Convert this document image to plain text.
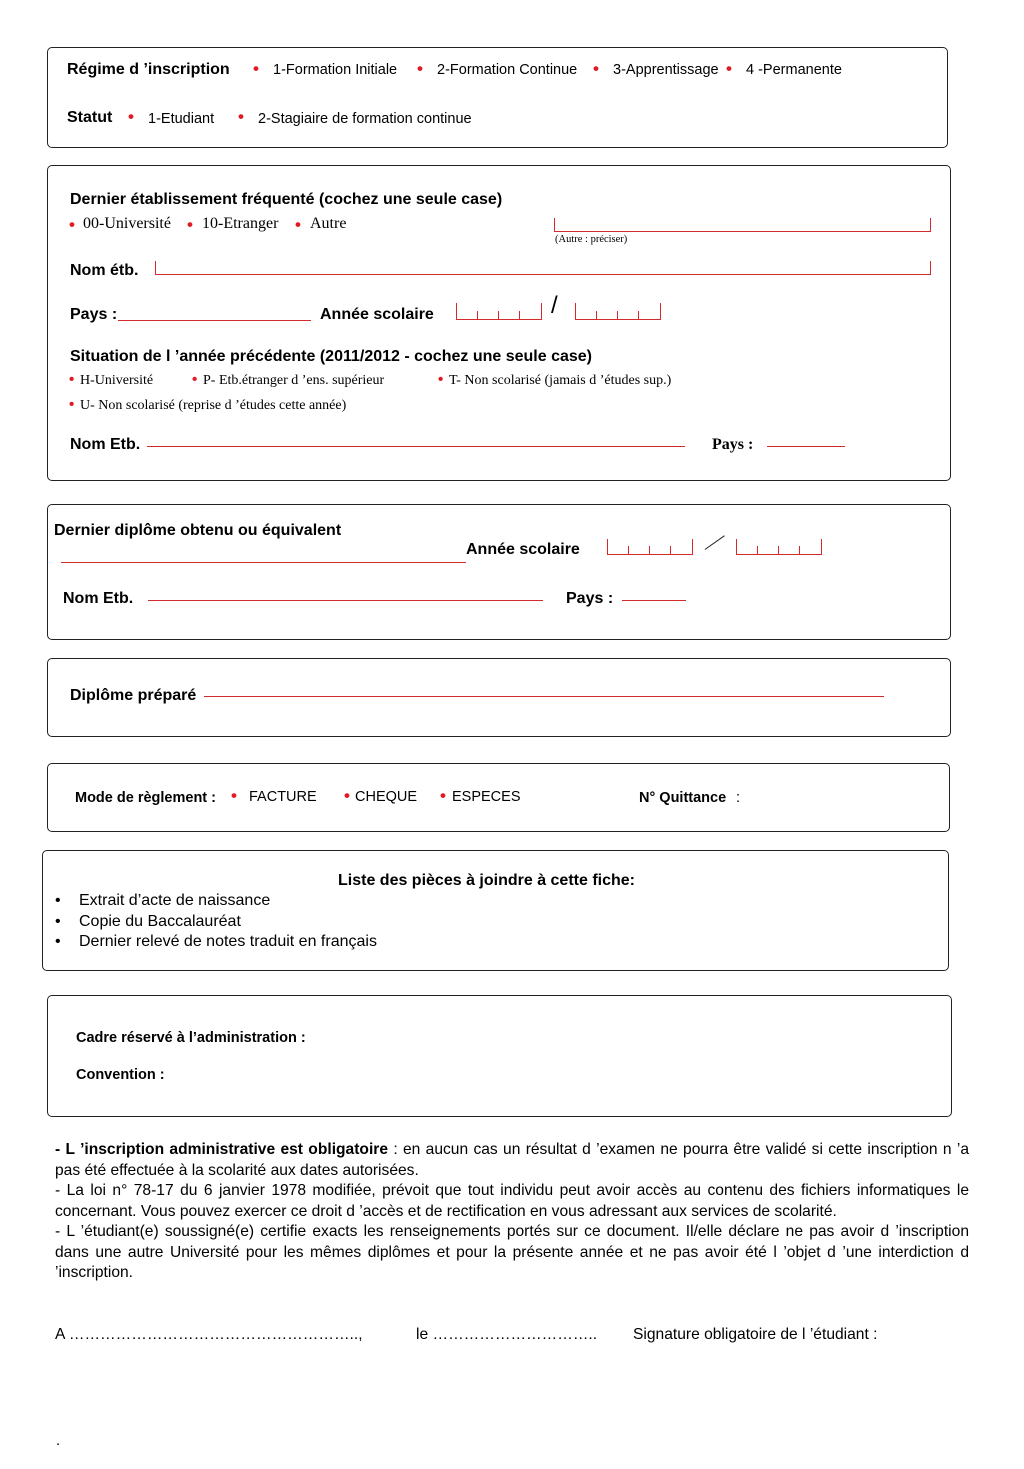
Régime d ’inscription • 1-Formation Initiale • 2-Formation Continue • 3-Apprentissage • 4 -Permanente
Statut • 1-Etudiant • 2-Stagiaire de formation continue
Dernier établissement fréquenté (cochez une seule case)
• 00-Université • 10-Etranger • Autre
(Autre : préciser)
Nom étb.
Pays :	Année scolaire	/
Situation de l ’année précédente (2011/2012 - cochez une seule case)
• H-Université	• P- Etb.étranger d ’ens. supérieur	• T- Non scolarisé (jamais d ’études sup.)
• U- Non scolarisé (reprise d ’études cette année)
Nom Etb.	Pays :
Dernier diplôme obtenu ou équivalent
Année scolaire
Nom Etb.	Pays :
Diplôme préparé
Mode de règlement : • FACTURE • CHEQUE • ESPECES	N° Quittance :
Liste des pièces à joindre à cette fiche:
• Extrait d’acte de naissance
• Copie du Baccalauréat
• Dernier relevé de notes traduit en français
Cadre réservé à l’administration :
Convention :

- L ’inscription administrative est obligatoire : en aucun cas un résultat d ’examen ne pourra être validé si cette inscription n ’a pas été effectuée à la scolarité aux dates autorisées.

- La loi n° 78-17 du 6 janvier 1978 modifiée, prévoit que tout individu peut avoir accès au contenu des fichiers informatiques le concernant. Vous pouvez exercer ce droit d ’accès et de rectification en vous adressant aux services de scolarité.

- L ’étudiant(e) soussigné(e) certifie exacts les renseignements portés sur ce document. Il/elle déclare ne pas avoir d ’inscription dans une autre Université pour les mêmes diplômes et pour la présente année et ne pas avoir été l ’objet d ’une interdiction d ’inscription.

A ………………………………………………..,	le ………………………….. Signature obligatoire de l ’étudiant :
.
